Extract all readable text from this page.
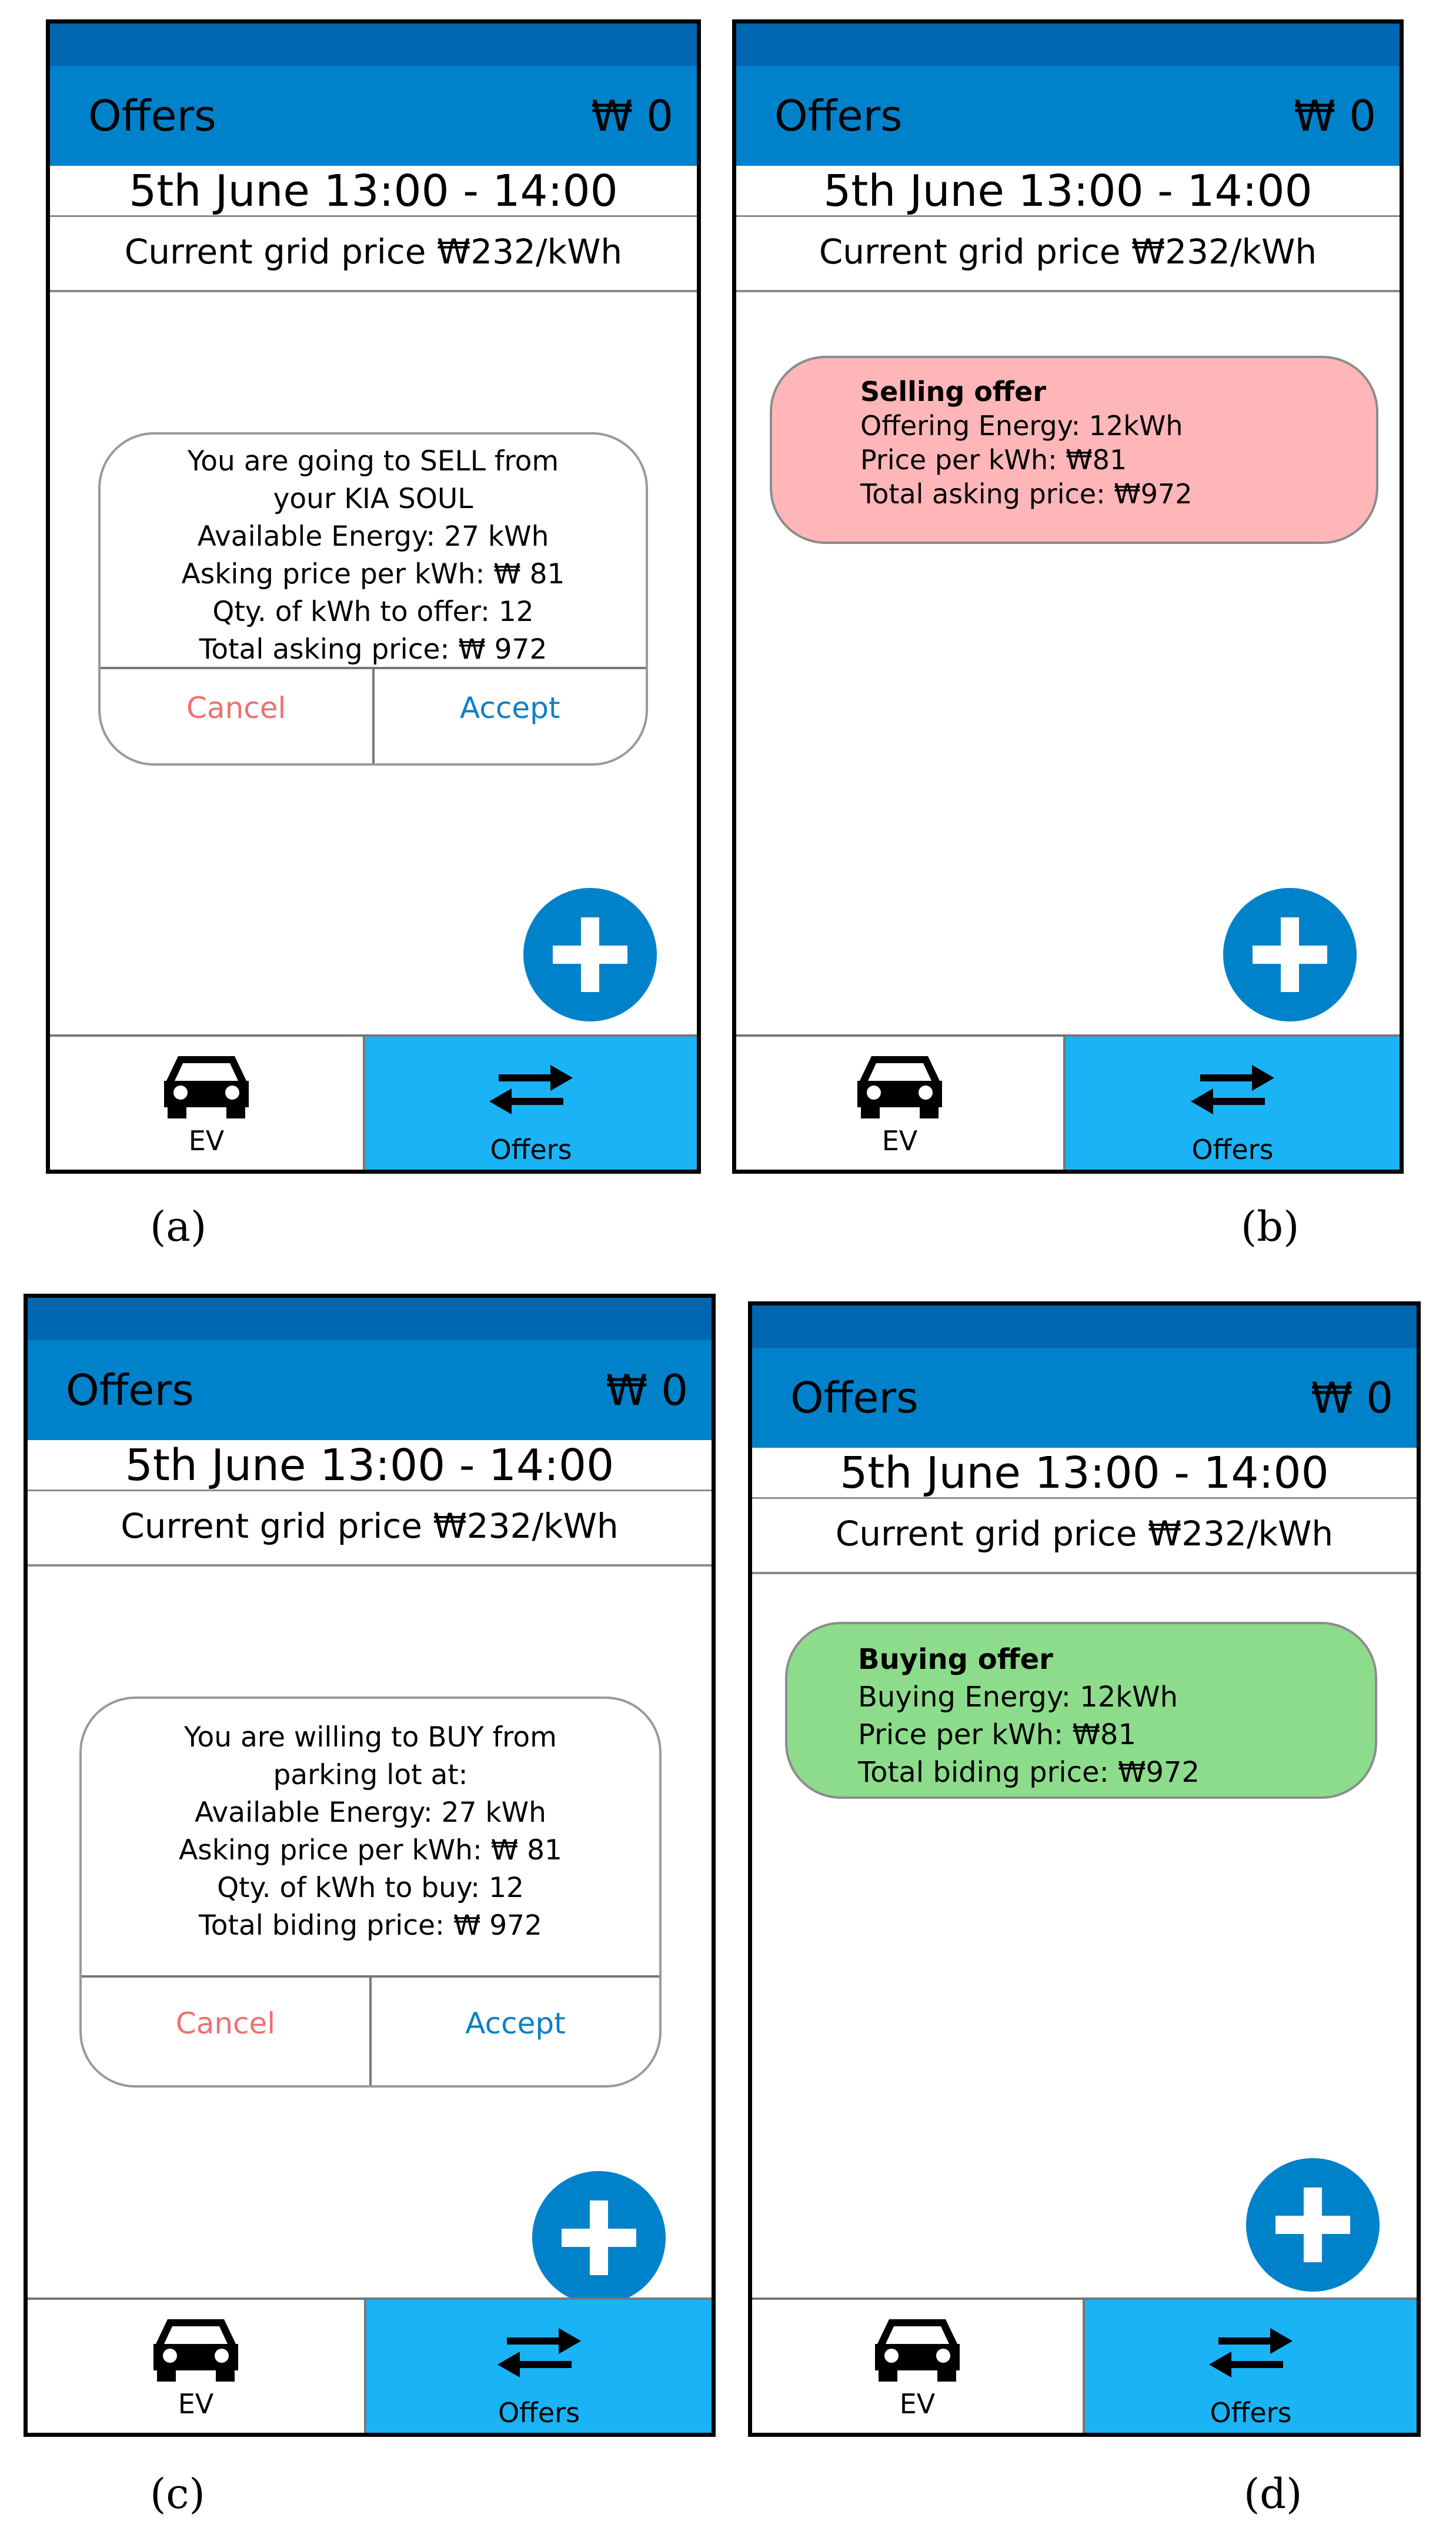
Offers	₩ 0
5th June 13:00 - 14:00
Current grid price ₩232/kWh
You are going to SELL from
your KIA SOUL
Available Energy: 27 kWh
Asking price per kWh: ₩ 81
Qty. of kWh to offer: 12
Total asking price: ₩ 972
Cancel	Accept
EV	Offers
Offers	₩ 0
5th June 13:00 - 14:00
Current grid price ₩232/kWh
Selling offer
Offering Energy: 12kWh
Price per kWh: ₩81
Total asking price: ₩972
EV	Offers
Offers	₩ 0
5th June 13:00 - 14:00
Current grid price ₩232/kWh
You are willing to BUY from
parking lot at:
Available Energy: 27 kWh
Asking price per kWh: ₩ 81
Qty. of kWh to buy: 12
Total biding price: ₩ 972
Cancel	Accept
EV	Offers
Offers	₩ 0
5th June 13:00 - 14:00
Current grid price ₩232/kWh
Buying offer
Buying Energy: 12kWh
Price per kWh: ₩81
Total biding price: ₩972
EV	Offers
(a)	(b)
(c)	(d)
